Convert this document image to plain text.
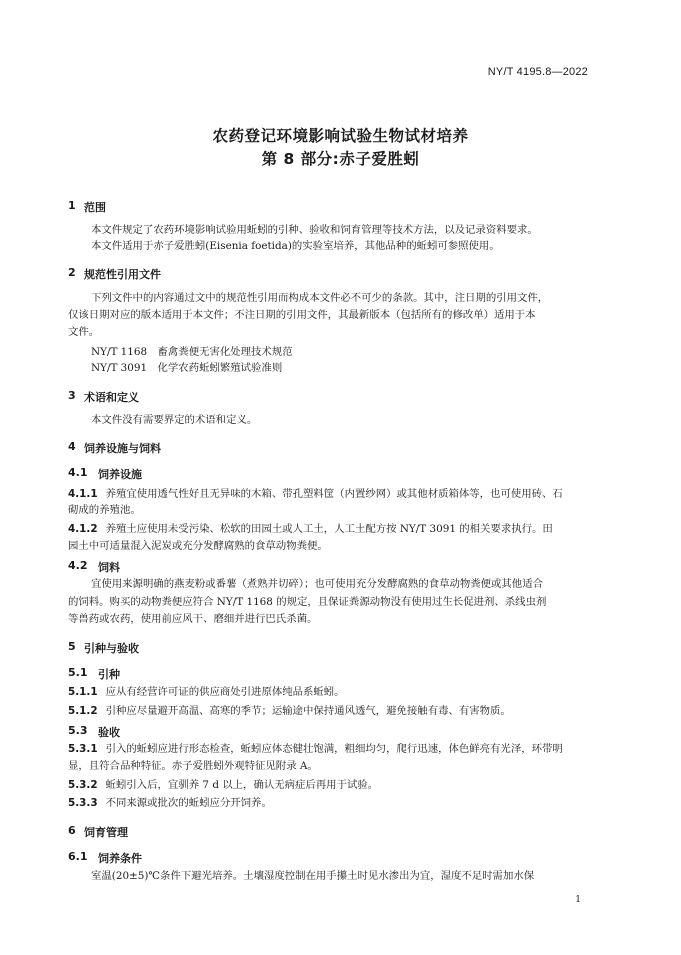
NY/T 4195.8—2022
农药登记环境影响试验生物试材培养
第 8 部分:赤子爱胜蚓
1 范围
本文件规定了农药环境影响试验用蚯蚓的引种、验收和饲育管理等技术方法，以及记录资料要求。
本文件适用于赤子爱胜蚓(Eisenia foetida)的实验室培养，其他品种的蚯蚓可参照使用。
2 规范性引用文件
下列文件中的内容通过文中的规范性引用而构成本文件必不可少的条款。其中，注日期的引用文件，
仅该日期对应的版本适用于本文件；不注日期的引用文件，其最新版本（包括所有的修改单）适用于本
文件。
NY/T 1168　畜禽粪便无害化处理技术规范
NY/T 3091　化学农药蚯蚓繁殖试验准则
3 术语和定义
本文件没有需要界定的术语和定义。
4 饲养设施与饲料
4.1 饲养设施
4.1.1 养殖宜使用透气性好且无异味的木箱、带孔塑料筐（内置纱网）或其他材质箱体等，也可使用砖、石
砌成的养殖池。
4.1.2 养殖土应使用未受污染、松软的田园土或人工土，人工土配方按 NY/T 3091 的相关要求执行。田
园土中可适量混入泥炭或充分发酵腐熟的食草动物粪便。
4.2 饲料
宜使用来源明确的燕麦粉或番薯（煮熟并切碎）；也可使用充分发酵腐熟的食草动物粪便或其他适合
的饲料。购买的动物粪便应符合 NY/T 1168 的规定，且保证粪源动物没有使用过生长促进剂、杀线虫剂
等兽药或农药，使用前应风干、磨细并进行巴氏杀菌。
5 引种与验收
5.1 引种
5.1.1 应从有经营许可证的供应商处引进原体纯品系蚯蚓。
5.1.2 引种应尽量避开高温、高寒的季节；运输途中保持通风透气，避免接触有毒、有害物质。
5.3 验收
5.3.1 引入的蚯蚓应进行形态检查，蚯蚓应体态健壮饱满，粗细均匀，爬行迅速，体色鲜亮有光泽，环带明
显，且符合品种特征。赤子爱胜蚓外观特征见附录 A。
5.3.2 蚯蚓引入后，宜驯养 7 d 以上，确认无病症后再用于试验。
5.3.3 不同来源或批次的蚯蚓应分开饲养。
6 饲育管理
6.1 饲养条件
室温(20±5)℃条件下避光培养。土壤湿度控制在用手攥土时见水渗出为宜，湿度不足时需加水保
1
